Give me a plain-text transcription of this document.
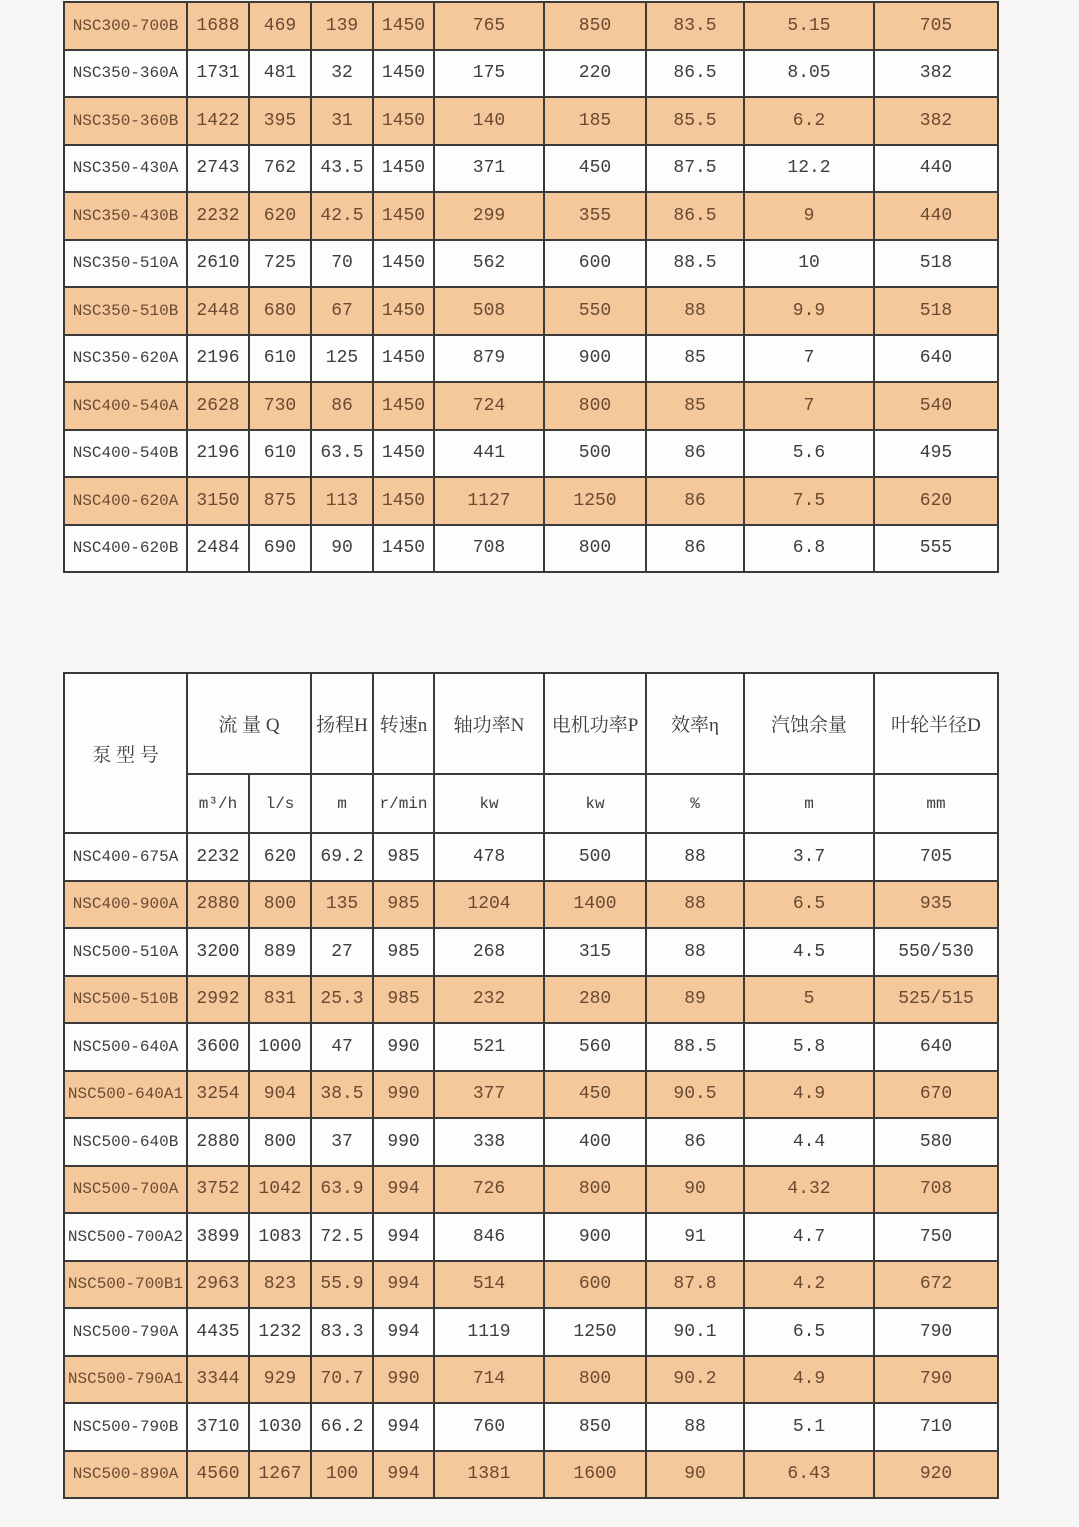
NSC300-700B	1688	469	139	1450	765	850	83.5	5.15	705
NSC350-360A	1731	481	32	1450	175	220	86.5	8.05	382
NSC350-360B	1422	395	31	1450	140	185	85.5	6.2	382
NSC350-430A	2743	762	43.5	1450	371	450	87.5	12.2	440
NSC350-430B	2232	620	42.5	1450	299	355	86.5	9	440
NSC350-510A	2610	725	70	1450	562	600	88.5	10	518
NSC350-510B	2448	680	67	1450	508	550	88	9.9	518
NSC350-620A	2196	610	125	1450	879	900	85	7	640
NSC400-540A	2628	730	86	1450	724	800	85	7	540
NSC400-540B	2196	610	63.5	1450	441	500	86	5.6	495
NSC400-620A	3150	875	113	1450	1127	1250	86	7.5	620
NSC400-620B	2484	690	90	1450	708	800	86	6.8	555
泵 型 号	流 量 Q		扬程H	转速n	轴功率N	电机功率P	效率η	汽蚀余量	叶轮半径D
	m³/h	l/s	m	r/min	kw	kw	%	m	mm
NSC400-675A	2232	620	69.2	985	478	500	88	3.7	705
NSC400-900A	2880	800	135	985	1204	1400	88	6.5	935
NSC500-510A	3200	889	27	985	268	315	88	4.5	550/530
NSC500-510B	2992	831	25.3	985	232	280	89	5	525/515
NSC500-640A	3600	1000	47	990	521	560	88.5	5.8	640
NSC500-640A1	3254	904	38.5	990	377	450	90.5	4.9	670
NSC500-640B	2880	800	37	990	338	400	86	4.4	580
NSC500-700A	3752	1042	63.9	994	726	800	90	4.32	708
NSC500-700A2	3899	1083	72.5	994	846	900	91	4.7	750
NSC500-700B1	2963	823	55.9	994	514	600	87.8	4.2	672
NSC500-790A	4435	1232	83.3	994	1119	1250	90.1	6.5	790
NSC500-790A1	3344	929	70.7	990	714	800	90.2	4.9	790
NSC500-790B	3710	1030	66.2	994	760	850	88	5.1	710
NSC500-890A	4560	1267	100	994	1381	1600	90	6.43	920
